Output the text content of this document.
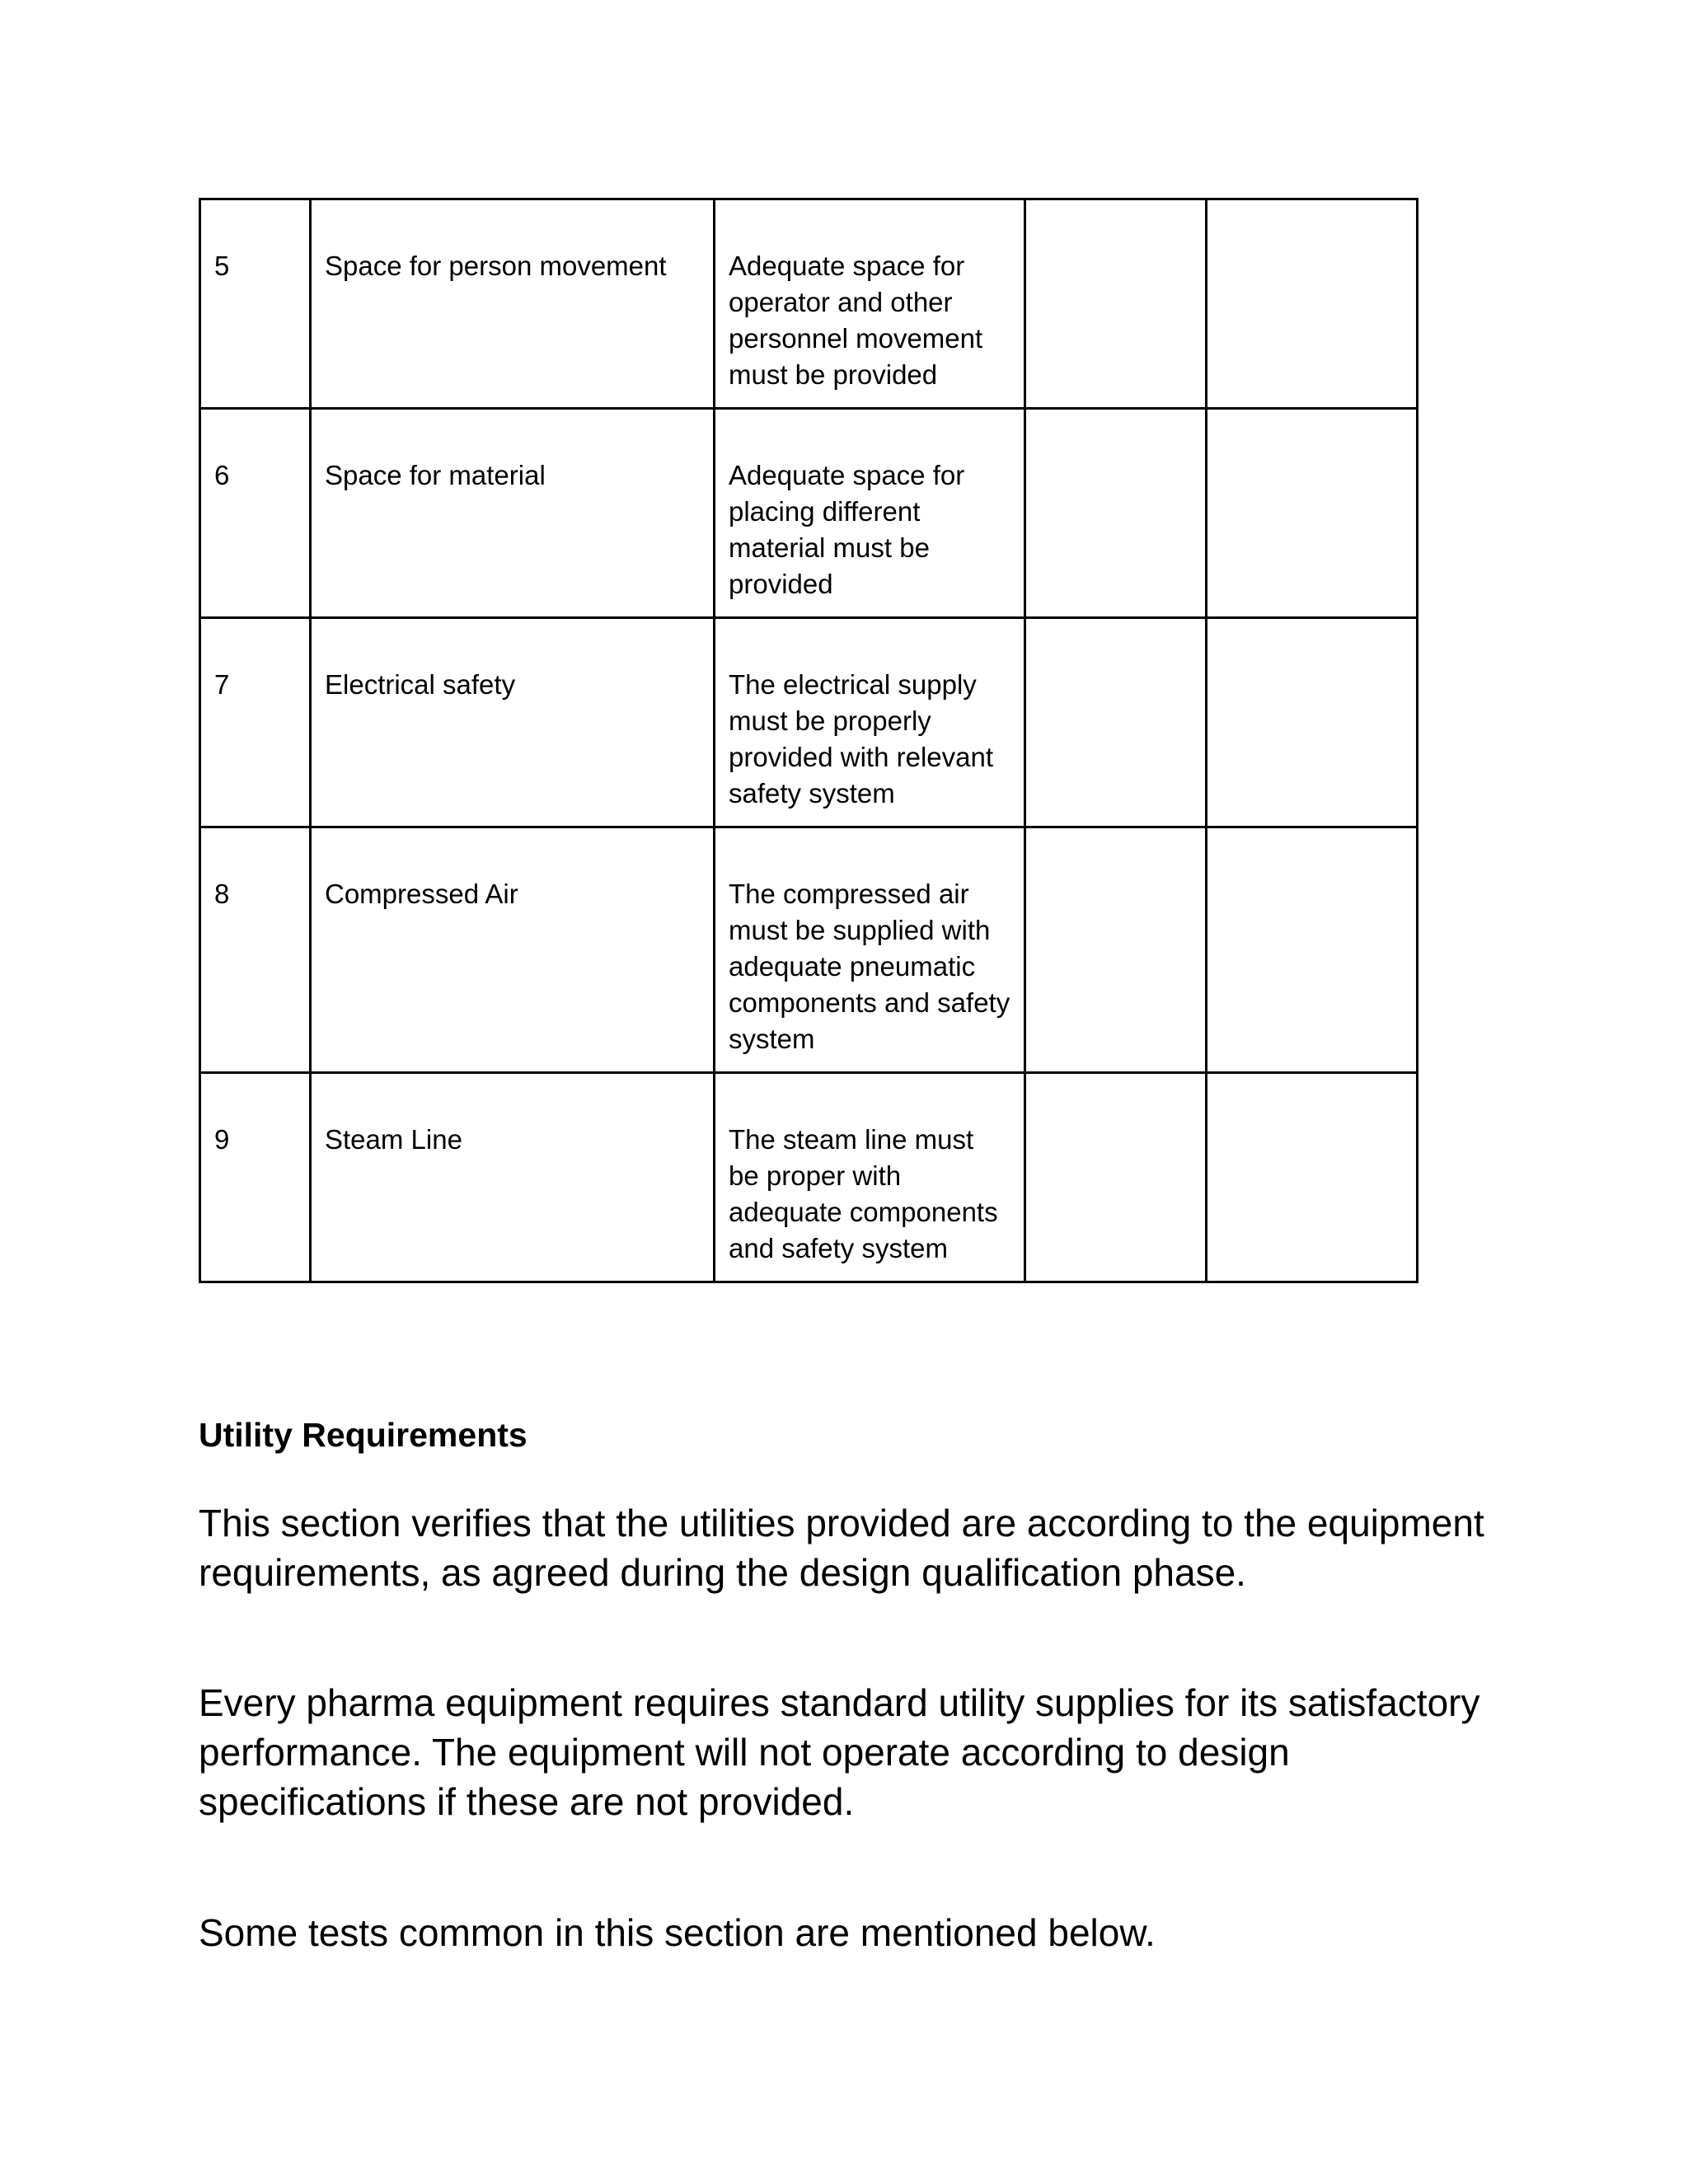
5	Space for person movement	Adequate space for operator and other personnel movement must be provided		
6	Space for material	Adequate space for placing different material must be provided		
7	Electrical safety	The electrical supply must be properly provided with relevant safety system		
8	Compressed Air	The compressed air must be supplied with adequate pneumatic components and safety system		
9	Steam Line	The steam line must be proper with adequate components and safety system		
Utility Requirements

This section verifies that the utilities provided are according to the equipment requirements, as agreed during the design qualification phase.

Every pharma equipment requires standard utility supplies for its satisfactory performance. The equipment will not operate according to design specifications if these are not provided.

Some tests common in this section are mentioned below.
